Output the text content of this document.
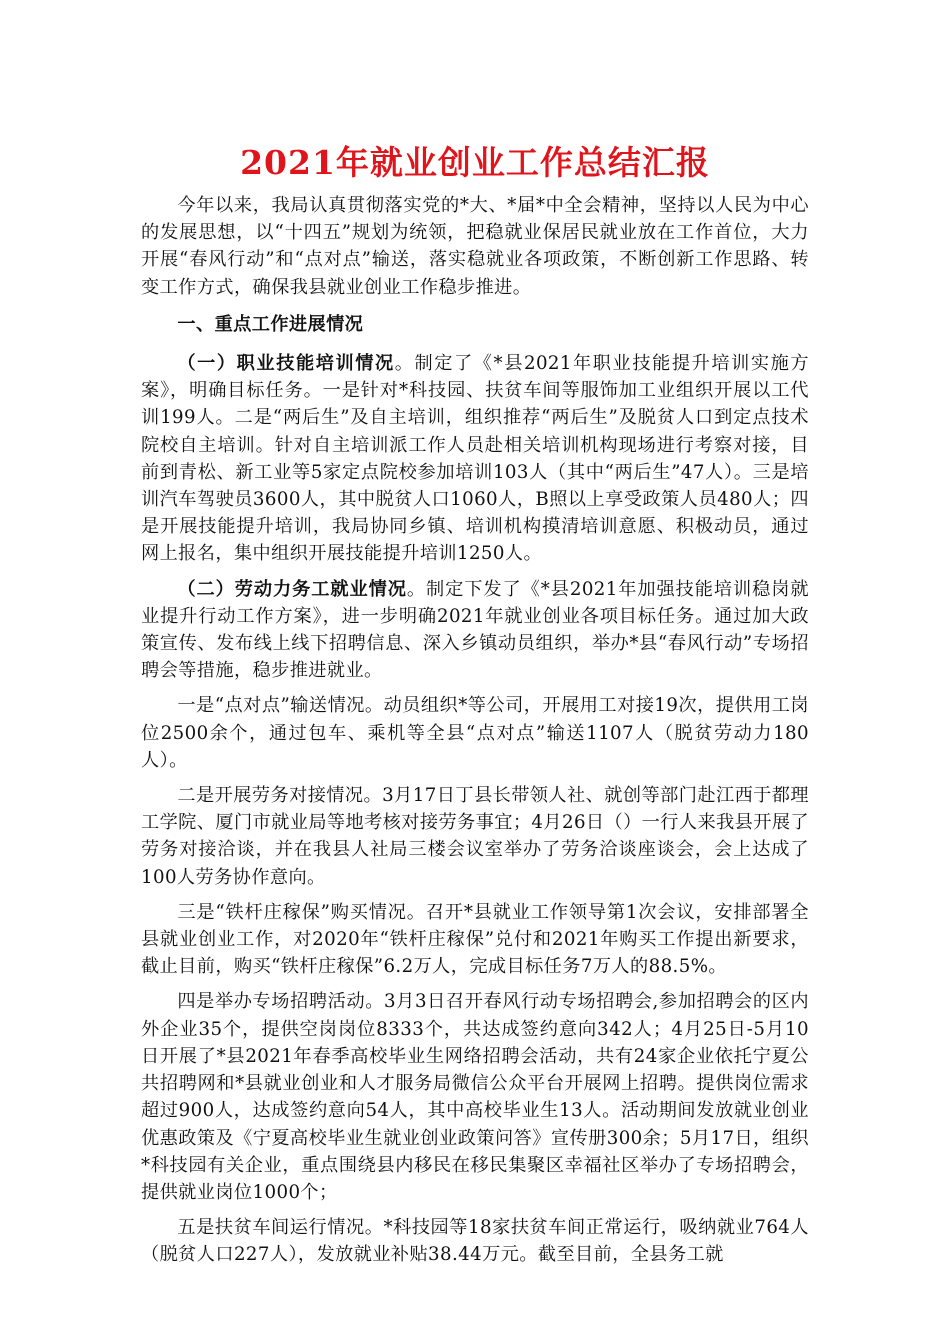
2021年就业创业工作总结汇报

今年以来，我局认真贯彻落实党的*大、*届*中全会精神，坚持以人民为中心的发展思想，以“十四五”规划为统领，把稳就业保居民就业放在工作首位，大力开展“春风行动”和“点对点”输送，落实稳就业各项政策，不断创新工作思路、转变工作方式，确保我县就业创业工作稳步推进。

一、重点工作进展情况

（一）职业技能培训情况。制定了《*县2021年职业技能提升培训实施方案》，明确目标任务。一是针对*科技园、扶贫车间等服饰加工业组织开展以工代训199人。二是“两后生”及自主培训，组织推荐“两后生”及脱贫人口到定点技术院校自主培训。针对自主培训派工作人员赴相关培训机构现场进行考察对接，目前到青松、新工业等5家定点院校参加培训103人（其中“两后生”47人）。三是培训汽车驾驶员3600人，其中脱贫人口1060人，B照以上享受政策人员480人；四是开展技能提升培训，我局协同乡镇、培训机构摸清培训意愿、积极动员，通过网上报名，集中组织开展技能提升培训1250人。

（二）劳动力务工就业情况。制定下发了《*县2021年加强技能培训稳岗就业提升行动工作方案》，进一步明确2021年就业创业各项目标任务。通过加大政策宣传、发布线上线下招聘信息、深入乡镇动员组织，举办*县“春风行动”专场招聘会等措施，稳步推进就业。

一是“点对点”输送情况。动员组织*等公司，开展用工对接19次，提供用工岗位2500余个，通过包车、乘机等全县“点对点”输送1107人（脱贫劳动力180人）。

二是开展劳务对接情况。3月17日丁县长带领人社、就创等部门赴江西于都理工学院、厦门市就业局等地考核对接劳务事宜；4月26日（）一行人来我县开展了劳务对接洽谈，并在我县人社局三楼会议室举办了劳务洽谈座谈会，会上达成了100人劳务协作意向。

三是“铁杆庄稼保”购买情况。召开*县就业工作领导第1次会议，安排部署全县就业创业工作，对2020年“铁杆庄稼保”兑付和2021年购买工作提出新要求，截止目前，购买“铁杆庄稼保”6.2万人，完成目标任务7万人的88.5%。

四是举办专场招聘活动。3月3日召开春风行动专场招聘会,参加招聘会的区内外企业35个，提供空岗岗位8333个，共达成签约意向342人；4月25日-5月10日开展了*县2021年春季高校毕业生网络招聘会活动，共有24家企业依托宁夏公共招聘网和*县就业创业和人才服务局微信公众平台开展网上招聘。提供岗位需求超过900人，达成签约意向54人，其中高校毕业生13人。活动期间发放就业创业优惠政策及《宁夏高校毕业生就业创业政策问答》宣传册300余；5月17日，组织*科技园有关企业，重点围绕县内移民在移民集聚区幸福社区举办了专场招聘会，提供就业岗位1000个；

五是扶贫车间运行情况。*科技园等18家扶贫车间正常运行，吸纳就业764人（脱贫人口227人），发放就业补贴38.44万元。截至目前，全县务工就
